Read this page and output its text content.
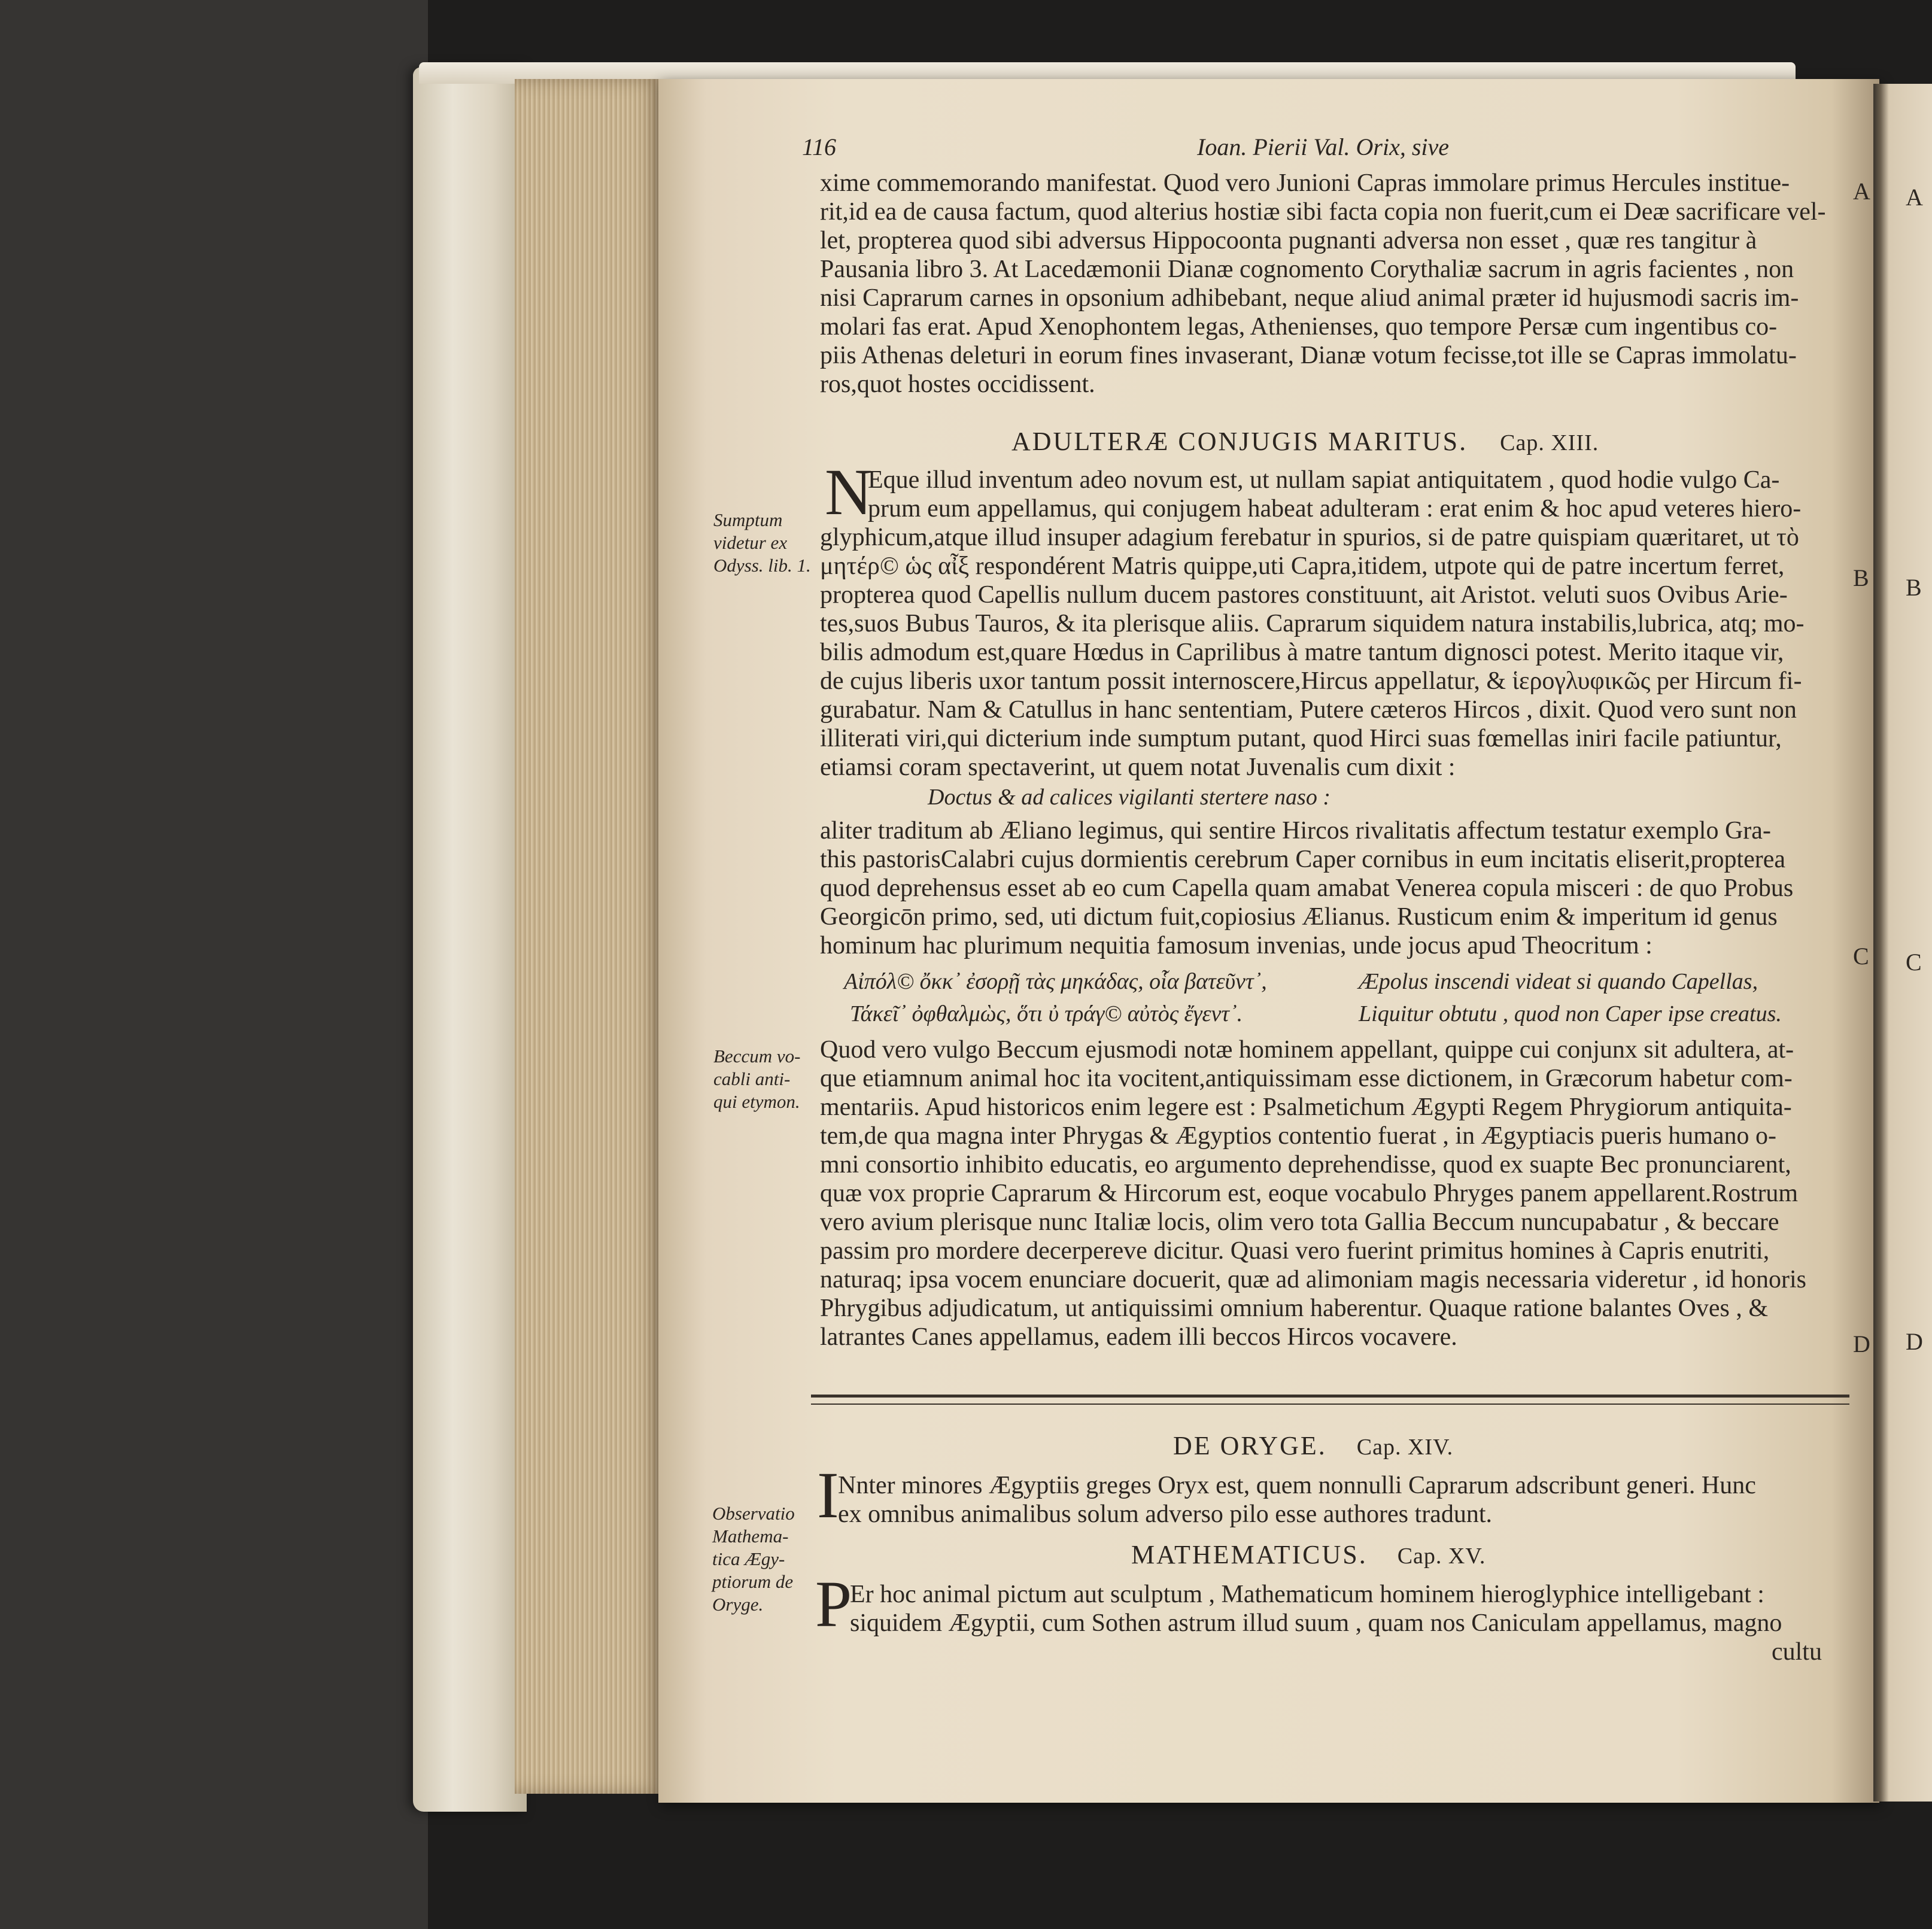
116	Ioan. Pierii Val. Orix, sive
xime commemorando manifestat. Quod vero Junioni Capras immolare primus Hercules institue-
rit,id ea de causa factum, quod alterius hostiæ sibi facta copia non fuerit,cum ei Deæ sacrificare vel-
let, propterea quod sibi adversus Hippocoonta pugnanti adversa non esset , quæ res tangitur à
Pausania libro 3. At Lacedæmonii Dianæ cognomento Corythaliæ sacrum in agris facientes , non
nisi Caprarum carnes in opsonium adhibebant, neque aliud animal præter id hujusmodi sacris im-
molari fas erat. Apud Xenophontem legas, Athenienses, quo tempore Persæ cum ingentibus co-
piis Athenas deleturi in eorum fines invaserant, Dianæ votum fecisse,tot ille se Capras immolatu-
ros,quot hostes occidissent.
ADULTERÆ CONJUGIS MARITUS. Cap. XIII.
N
Eque illud inventum adeo novum est, ut nullam sapiat antiquitatem , quod hodie vulgo Ca-
prum eum appellamus, qui conjugem habeat adulteram : erat enim & hoc apud veteres hiero-
glyphicum,atque illud insuper adagium ferebatur in spurios, si de patre quispiam quæritaret, ut τὸ
μητέρ© ὡς αἶξ respondérent Matris quippe,uti Capra,itidem, utpote qui de patre incertum ferret,
propterea quod Capellis nullum ducem pastores constituunt, ait Aristot. veluti suos Ovibus Arie-
tes,suos Bubus Tauros, & ita plerisque aliis. Caprarum siquidem natura instabilis,lubrica, atq; mo-
bilis admodum est,quare Hœdus in Caprilibus à matre tantum dignosci potest. Merito itaque vir,
de cujus liberis uxor tantum possit internoscere,Hircus appellatur, & ἱερογλυφικῶς per Hircum fi-
gurabatur. Nam & Catullus in hanc sententiam, Putere cæteros Hircos , dixit. Quod vero sunt non
illiterati viri,qui dicterium inde sumptum putant, quod Hirci suas fœmellas iniri facile patiuntur,
etiamsi coram spectaverint, ut quem notat Juvenalis cum dixit :
Doctus & ad calices vigilanti stertere naso :
aliter traditum ab Æliano legimus, qui sentire Hircos rivalitatis affectum testatur exemplo Gra-
this pastorisCalabri cujus dormientis cerebrum Caper cornibus in eum incitatis eliserit,propterea
quod deprehensus esset ab eo cum Capella quam amabat Venerea copula misceri : de quo Probus
Georgicōn primo, sed, uti dictum fuit,copiosius Ælianus. Rusticum enim & imperitum id genus
hominum hac plurimum nequitia famosum invenias, unde jocus apud Theocritum :
Αἰπόλ© ὄκκ᾽ ἐσορῇ τὰς μηκάδας, οἷα βατεῦντ᾽,	Æpolus inscendi videat si quando Capellas,
Τάκεῖ᾽ ὀφθαλμὼς, ὅτι ὐ τράγ© αὐτὸς ἔγεντ᾽.	Liquitur obtutu , quod non Caper ipse creatus.
Quod vero vulgo Beccum ejusmodi notæ hominem appellant, quippe cui conjunx sit adultera, at-
que etiamnum animal hoc ita vocitent,antiquissimam esse dictionem, in Græcorum habetur com-
mentariis. Apud historicos enim legere est : Psalmetichum Ægypti Regem Phrygiorum antiquita-
tem,de qua magna inter Phrygas & Ægyptios contentio fuerat , in Ægyptiacis pueris humano o-
mni consortio inhibito educatis, eo argumento deprehendisse, quod ex suapte Bec pronunciarent,
quæ vox proprie Caprarum & Hircorum est, eoque vocabulo Phryges panem appellarent.Rostrum
vero avium plerisque nunc Italiæ locis, olim vero tota Gallia Beccum nuncupabatur , & beccare
passim pro mordere decerpereve dicitur. Quasi vero fuerint primitus homines à Capris enutriti,
naturaq; ipsa vocem enunciare docuerit, quæ ad alimoniam magis necessaria videretur , id honoris
Phrygibus adjudicatum, ut antiquissimi omnium haberentur. Quaque ratione balantes Oves , &
latrantes Canes appellamus, eadem illi beccos Hircos vocavere.
DE ORYGE. Cap. XIV.
I
Nnter minores Ægyptiis greges Oryx est, quem nonnulli Caprarum adscribunt generi. Hunc
ex omnibus animalibus solum adverso pilo esse authores tradunt.
MATHEMATICUS. Cap. XV.
P
Er hoc animal pictum aut sculptum , Mathematicum hominem hieroglyphice intelligebant :
siquidem Ægyptii, cum Sothen astrum illud suum , quam nos Caniculam appellamus, magno
cultu
Sumptum
videtur ex
Odyss. lib. 1.
Beccum vo-
cabli anti-
qui etymon.
Observatio
Mathema-
tica Ægy-
ptiorum de
Oryge.
A
B
C
D
A
B
C
D
